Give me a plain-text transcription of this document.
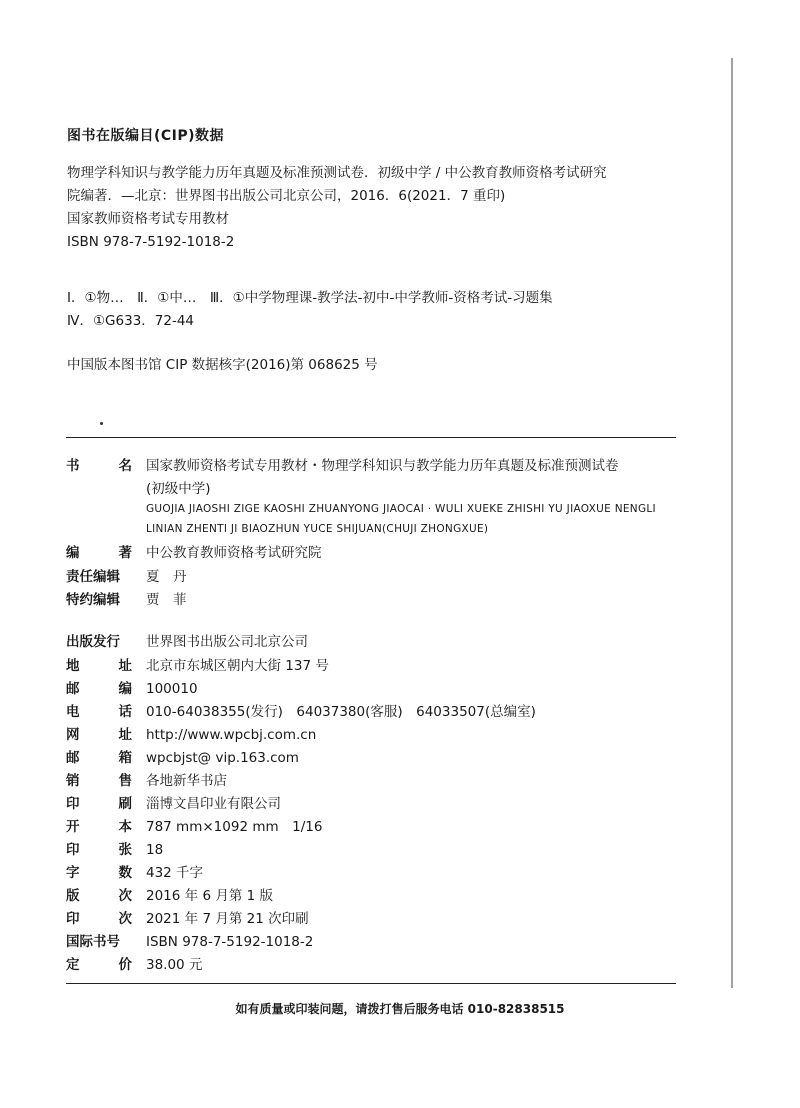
图书在版编目(CIP)数据
物理学科知识与教学能力历年真题及标准预测试卷．初级中学 / 中公教育教师资格考试研究
院编著．—北京：世界图书出版公司北京公司，2016．6(2021．7 重印)
国家教师资格考试专用教材
ISBN 978-7-5192-1018-2
Ⅰ．①物…　Ⅱ．①中…　Ⅲ．①中学物理课-教学法-初中-中学教师-资格考试-习题集
Ⅳ．①G633．72-44
中国版本图书馆 CIP 数据核字(2016)第 068625 号
书	名 国家教师资格考试专用教材・物理学科知识与教学能力历年真题及标准预测试卷
(初级中学)
GUOJIA JIAOSHI ZIGE KAOSHI ZHUANYONG JIAOCAI · WULI XUEKE ZHISHI YU JIAOXUE NENGLI
LINIAN ZHENTI JI BIAOZHUN YUCE SHIJUAN(CHUJI ZHONGXUE)
编	著 中公教育教师资格考试研究院
责任编辑 夏　丹
特约编辑 贾　菲
出版发行 世界图书出版公司北京公司
地	址 北京市东城区朝内大街 137 号
邮	编 100010
电	话 010-64038355(发行)　64037380(客服)　64033507(总编室)
网	址 http://www.wpcbj.com.cn
邮	箱 wpcbjst@ vip.163.com
销	售 各地新华书店
印	刷 淄博文昌印业有限公司
开	本 787 mm×1092 mm　1/16
印	张 18
字	数 432 千字
版	次 2016 年 6 月第 1 版
印	次 2021 年 7 月第 21 次印刷
国际书号 ISBN 978-7-5192-1018-2
定	价 38.00 元
如有质量或印装问题，请拨打售后服务电话 010-82838515
